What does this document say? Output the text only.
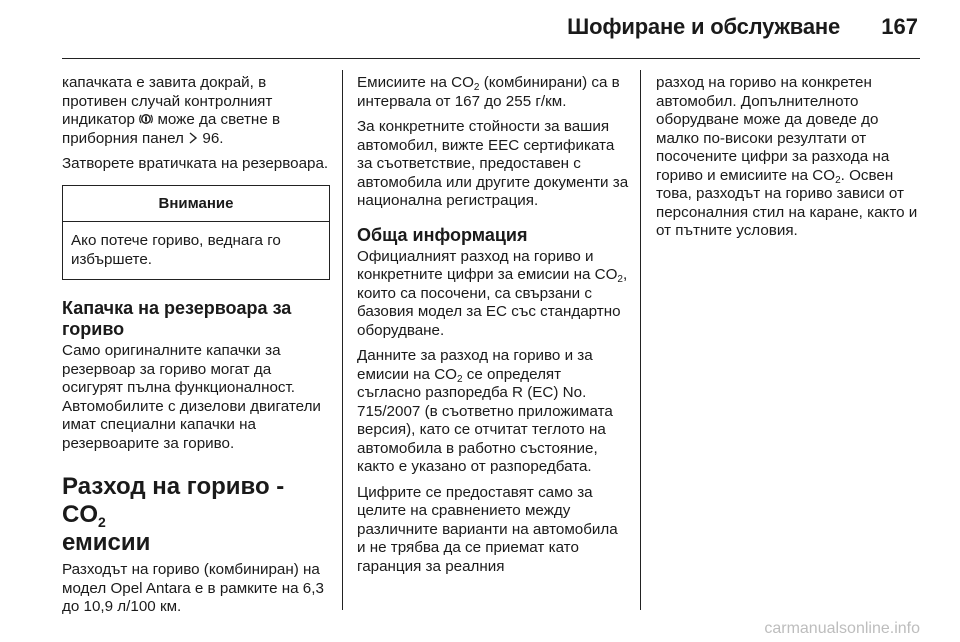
Шофиране и обслужване 167

капачката е завита докрай, в противен случай контролният индикатор може да светне в приборния панел 96.

Затворете вратичката на резервоара.

Внимание
Ако потече гориво, веднага го избършете.
Капачка на резервоара за гориво

Само оригиналните капачки за резервоар за гориво могат да осигурят пълна функционалност. Автомобилите с дизелови двигатели имат специални капачки на резервоарите за гориво.

Разход на гориво - $CO_2$
емисии

Разходът на гориво (комбиниран) на модел Opel Antara е в рамките на 6,3 до 10,9 л/100 км.

Емисиите на $CO_2$ (комбинирани) са в интервала от 167 до 255 г/км.

За конкретните стойности за вашия автомобил, вижте ЕЕС сертификата за съответствие, предоставен с автомобила или другите документи за национална регистрация.

Обща информация

Официалният разход на гориво и конкретните цифри за емисии на $CO_2$, които са посочени, са свързани с базовия модел за ЕС със стандартно оборудване.

Данните за разход на гориво и за емисии на $CO_2$ се определят съгласно разпоредба R (EC) No. 715/2007 (в съответно приложимата версия), като се отчитат теглото на автомобила в работно състояние, както е указано от разпоредбата.

Цифрите се предоставят само за целите на сравнението между различните варианти на автомобила и не трябва да се приемат като гаранция за реалния

разход на гориво на конкретен автомобил. Допълнителното оборудване може да доведе до малко по-високи резултати от посочените цифри за разхода на гориво и емисиите на $CO_2$. Освен това, разходът на гориво зависи от персоналния стил на каране, както и от пътните условия.

carmanualsonline.info
